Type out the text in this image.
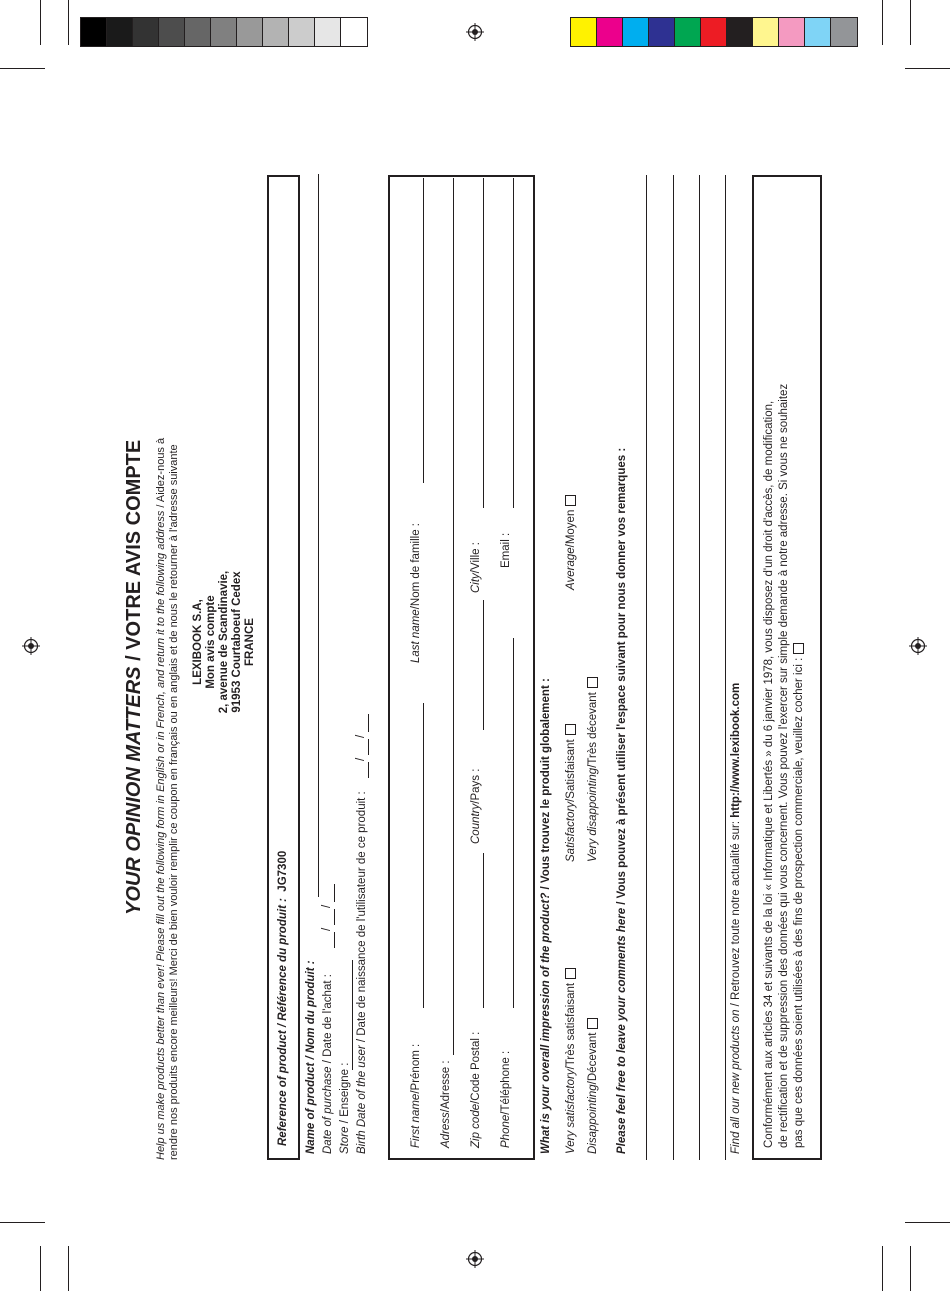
YOUR OPINION MATTERS / VOTRE AVIS COMPTE Help us make products better than ever! Please fill out the following form in English or in French, and return it to the following address / Aidez-nous à rendre nos produits encore meilleurs! Merci de bien vouloir remplir ce coupon en français ou en anglais et de nous le retourner à l'adresse suivante LEXIBOOK S.A, Mon avis compte 2, avenue de Scandinavie, 91953 Courtaboeuf Cedex FRANCE
Reference of product / Référence du produit :  JG7300
Name of product / Nom du produit : Date of purchase / Date de l'achat :
/
/
Store / Enseigne : Birth Date of the user / Date de naissance de l'utilisateur de ce produit :
/
/
First name/Prénom :
Last name/Nom de famille :
Adress/Adresse :
Zip code/Code Postal :
Country/Pays :
City/Ville :
Phone/Téléphone :
Email :
What is your overall impression of the product? / Vous trouvez le produit globalement :
Very satisfactory/Très satisfaisant
Satisfactory/Satisfaisant
Average/Moyen
Disappointing/Décevant
Very disappointing/Très décevant
Please feel free to leave your comments here / Vous pouvez à présent utiliser l'espace suivant pour nous donner vos remarques :
Find all our new products on / Retrouvez toute notre actualité sur: http://www.lexibook.com Conformément aux articles 34 et suivants de la loi « Informatique et Libertés » du 6 janvier 1978, vous disposez d'un droit d'accès, de modification, de rectification et de suppression des données qui vous concernent. Vous pouvez l'exercer sur simple demande à notre adresse. Si vous ne souhaitez pas que ces données soient utilisées à des fins de prospection commerciale, veuillez cocher ici :
